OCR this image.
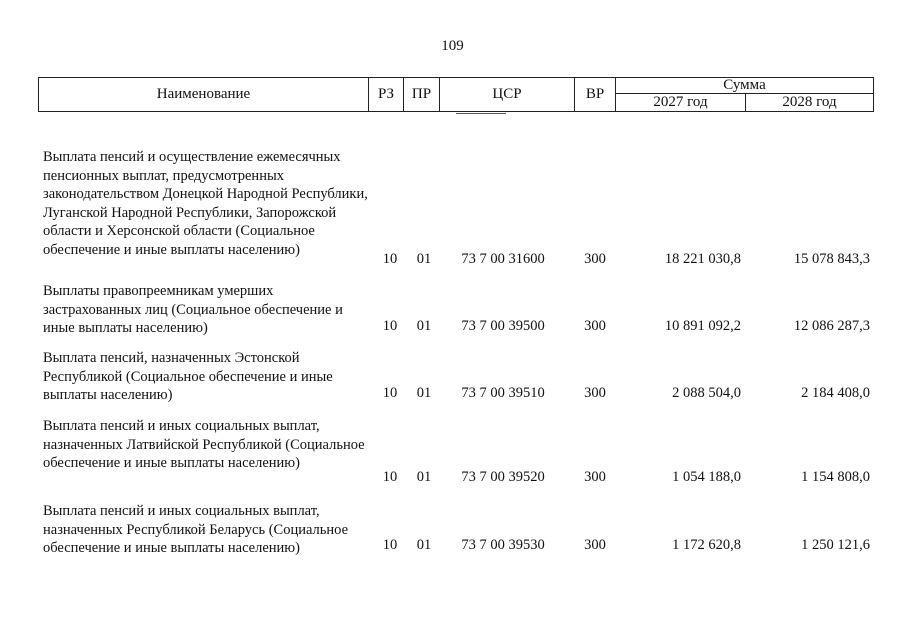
109
Наименование	РЗ	ПР	ЦСР	ВР
Сумма
2027 год	2028 год
Выплата пенсий и осуществление ежемесячных пенсионных выплат, предусмотренных законодательством Донецкой Народной Республики, Луганской Народной Республики, Запорожской области и Херсонской области (Социальное обеспечение и иные выплаты населению)
10 01	73 7 00 31600	300	18 221 030,8	15 078 843,3
Выплаты правопреемникам умерших застрахованных лиц (Социальное обеспечение и иные выплаты населению)	10 01	73 7 00 39500	300	10 891 092,2	12 086 287,3
Выплата пенсий, назначенных Эстонской Республикой (Социальное обеспечение и иные выплаты населению)	10 01	73 7 00 39510	300	2 088 504,0	2 184 408,0
Выплата пенсий и иных социальных выплат, назначенных Латвийской Республикой (Социальное обеспечение и иные выплаты населению)
10 01	73 7 00 39520	300	1 054 188,0	1 154 808,0
Выплата пенсий и иных социальных выплат, назначенных Республикой Беларусь (Социальное обеспечение и иные выплаты населению)	10 01	73 7 00 39530	300	1 172 620,8	1 250 121,6
